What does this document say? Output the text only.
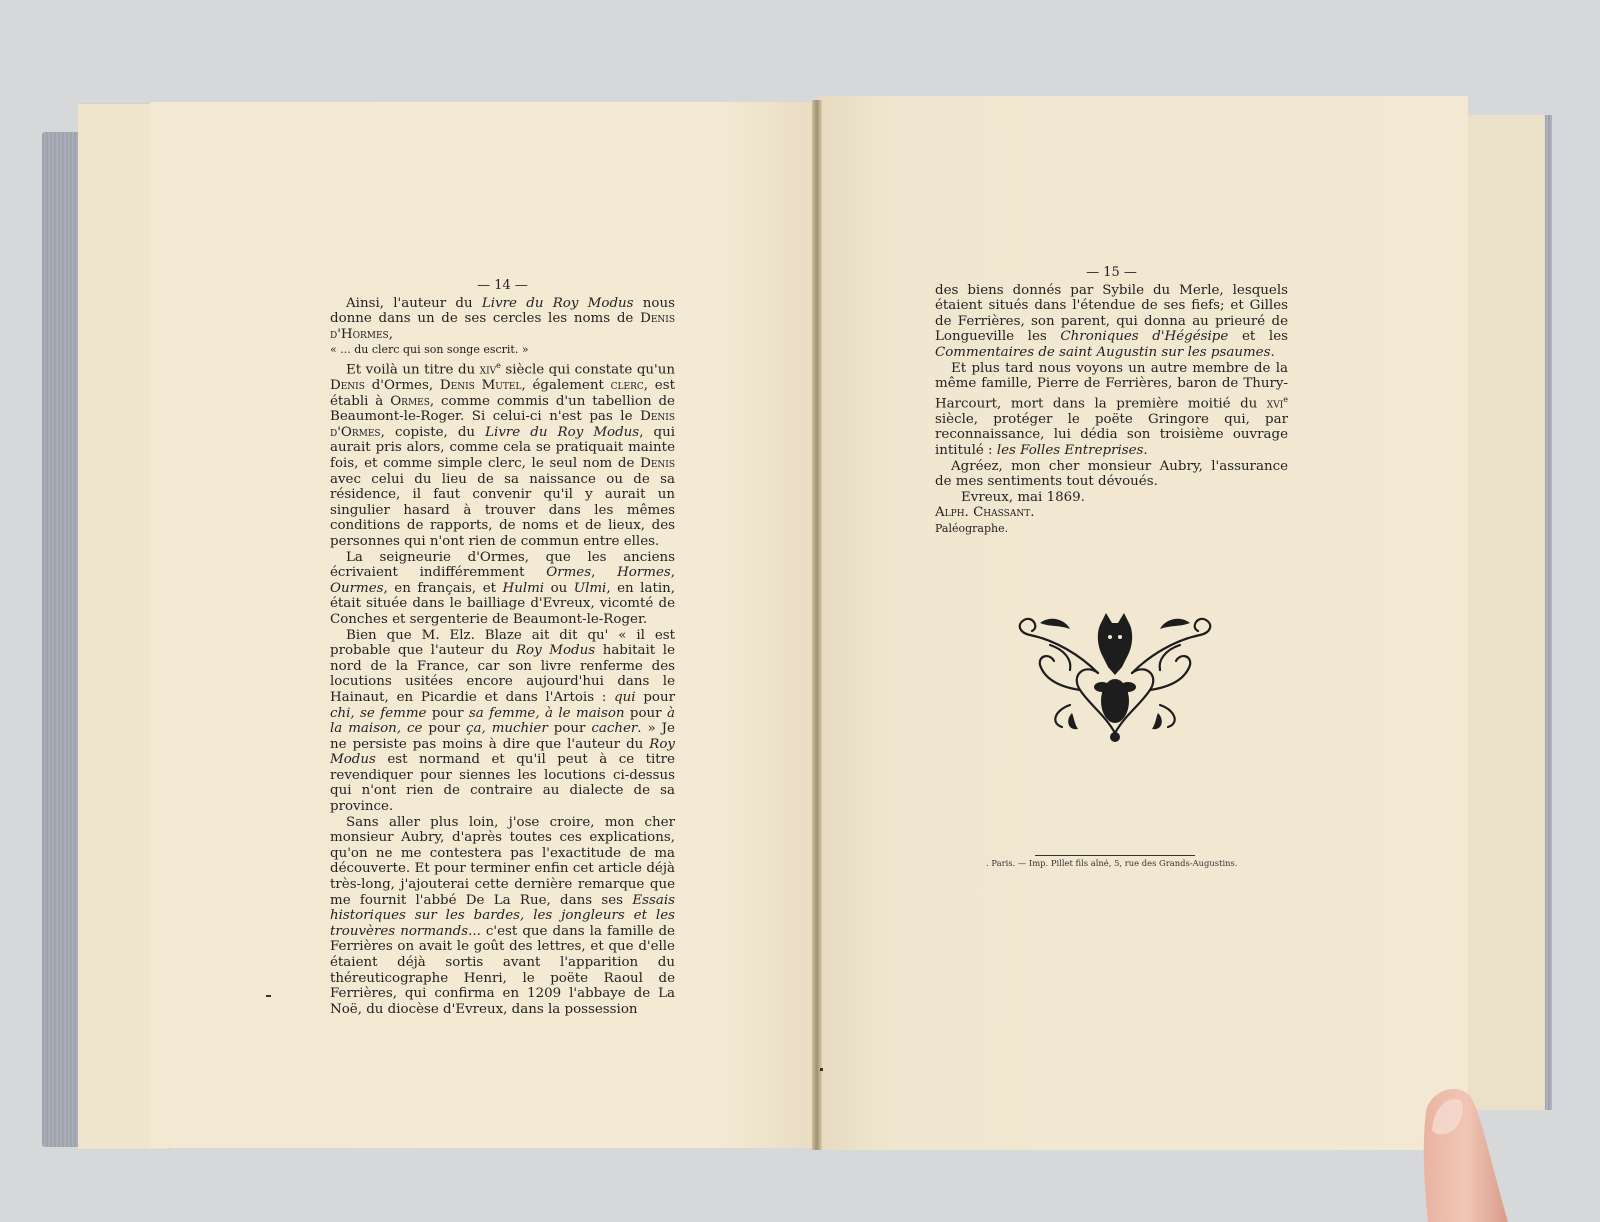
— 14 —

Ainsi, l'auteur du Livre du Roy Modus nous donne dans un de ses cercles les noms de Denis d'Hormes,

« ... du clerc qui son songe escrit. »

Et voilà un titre du xiv$^e$ siècle qui constate qu'un Denis d'Ormes, Denis Mutel, également clerc, est établi à Ormes, comme commis d'un tabellion de Beaumont-le-Roger. Si celui-ci n'est pas le Denis d'Ormes, copiste, du Livre du Roy Modus, qui aurait pris alors, comme cela se pratiquait mainte fois, et comme simple clerc, le seul nom de Denis avec celui du lieu de sa naissance ou de sa résidence, il faut convenir qu'il y aurait un singulier hasard à trouver dans les mêmes conditions de rapports, de noms et de lieux, des personnes qui n'ont rien de commun entre elles.

La seigneurie d'Ormes, que les anciens écrivaient indifféremment Ormes, Hormes, Ourmes, en français, et Hulmi ou Ulmi, en latin, était située dans le bailliage d'Evreux, vicomté de Conches et sergenterie de Beaumont-le-Roger.

Bien que M. Elz. Blaze ait dit qu' « il est probable que l'auteur du Roy Modus habitait le nord de la France, car son livre renferme des locutions usitées encore aujourd'hui dans le Hainaut, en Picardie et dans l'Artois : qui pour chi, se femme pour sa femme, à le maison pour à la maison, ce pour ça, muchier pour cacher. » Je ne persiste pas moins à dire que l'auteur du Roy Modus est normand et qu'il peut à ce titre revendiquer pour siennes les locutions ci-dessus qui n'ont rien de contraire au dialecte de sa province.

Sans aller plus loin, j'ose croire, mon cher monsieur Aubry, d'après toutes ces explications, qu'on ne me contestera pas l'exactitude de ma découverte. Et pour terminer enfin cet article déjà très-long, j'ajouterai cette dernière remarque que me fournit l'abbé De La Rue, dans ses Essais historiques sur les bardes, les jongleurs et les trouvères normands... c'est que dans la famille de Ferrières on avait le goût des lettres, et que d'elle étaient déjà sortis avant l'apparition du théreuticographe Henri, le poëte Raoul de Ferrières, qui confirma en 1209 l'abbaye de La Noë, du diocèse d'Evreux, dans la possession

— 15 —

des biens donnés par Sybile du Merle, lesquels étaient situés dans l'étendue de ses fiefs; et Gilles de Ferrières, son parent, qui donna au prieuré de Longueville les Chroniques d'Hégésipe et les Commentaires de saint Augustin sur les psaumes.

Et plus tard nous voyons un autre membre de la même famille, Pierre de Ferrières, baron de Thury-Harcourt, mort dans la première moitié du xvi$^e$ siècle, protéger le poëte Gringore qui, par reconnaissance, lui dédia son troisième ouvrage intitulé : les Folles Entreprises.

Agréez, mon cher monsieur Aubry, l'assurance de mes sentiments tout dévoués.

Evreux, mai 1869.

Alph. Chassant.

Paléographe.

. Paris. — Imp. Pillet fils aîné, 5, rue des Grands-Augustins.
